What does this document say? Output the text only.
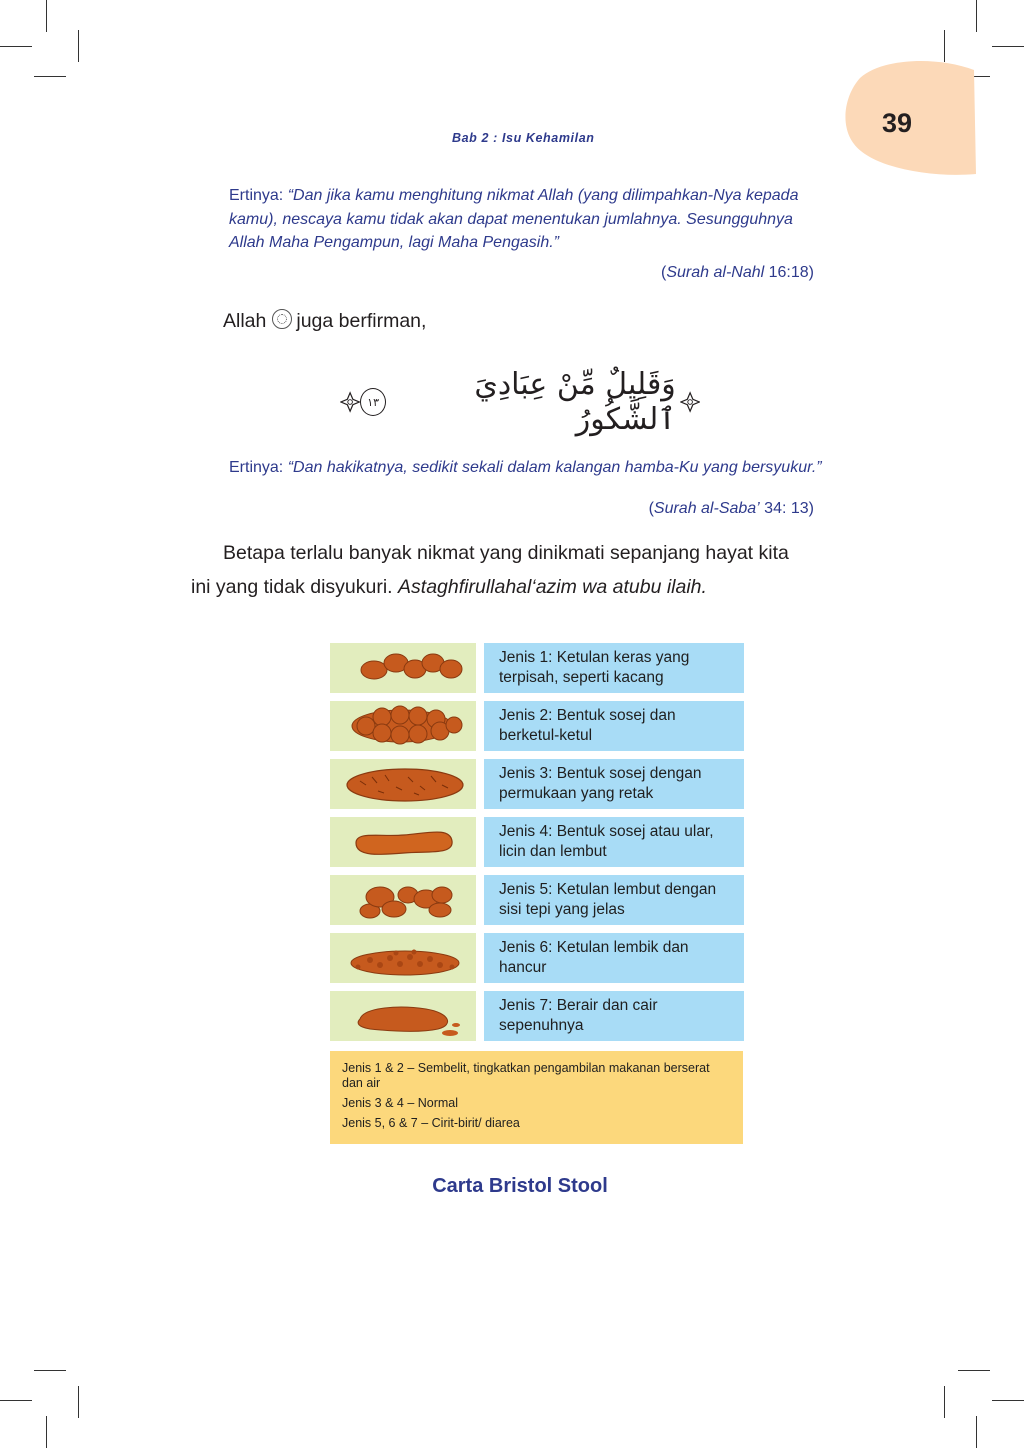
39
Bab 2 : Isu Kehamilan
Ertinya: “Dan jika kamu menghitung nikmat Allah (yang dilimpahkan-Nya kepada
kamu), nescaya kamu tidak akan dapat menentukan jumlahnya. Sesungguhnya
Allah Maha Pengampun, lagi Maha Pengasih.”
(Surah al-Nahl 16:18)
Allah juga berfirman,
١٣	وَقَلِيلٌ مِّنْ عِبَادِيَ ٱلشَّكُورُ
Ertinya: “Dan hakikatnya, sedikit sekali dalam kalangan hamba-Ku yang bersyukur.”
(Surah al-Saba’ 34: 13)
Betapa terlalu banyak nikmat yang dinikmati sepanjang hayat kita
ini yang tidak disyukuri. Astaghfirullahal‘azim wa atubu ilaih.
Jenis 1: Ketulan keras yang
terpisah, seperti kacang
Jenis 2: Bentuk sosej dan
berketul-ketul
Jenis 3: Bentuk sosej dengan
permukaan yang retak
Jenis 4: Bentuk sosej atau ular,
licin dan lembut
Jenis 5: Ketulan lembut dengan
sisi tepi yang jelas
Jenis 6: Ketulan lembik dan
hancur
Jenis 7: Berair dan cair
sepenuhnya
Jenis 1 & 2 – Sembelit, tingkatkan pengambilan makanan berserat dan air
Jenis 3 & 4 – Normal
Jenis 5, 6 & 7 – Cirit-birit/ diarea
Carta Bristol Stool
